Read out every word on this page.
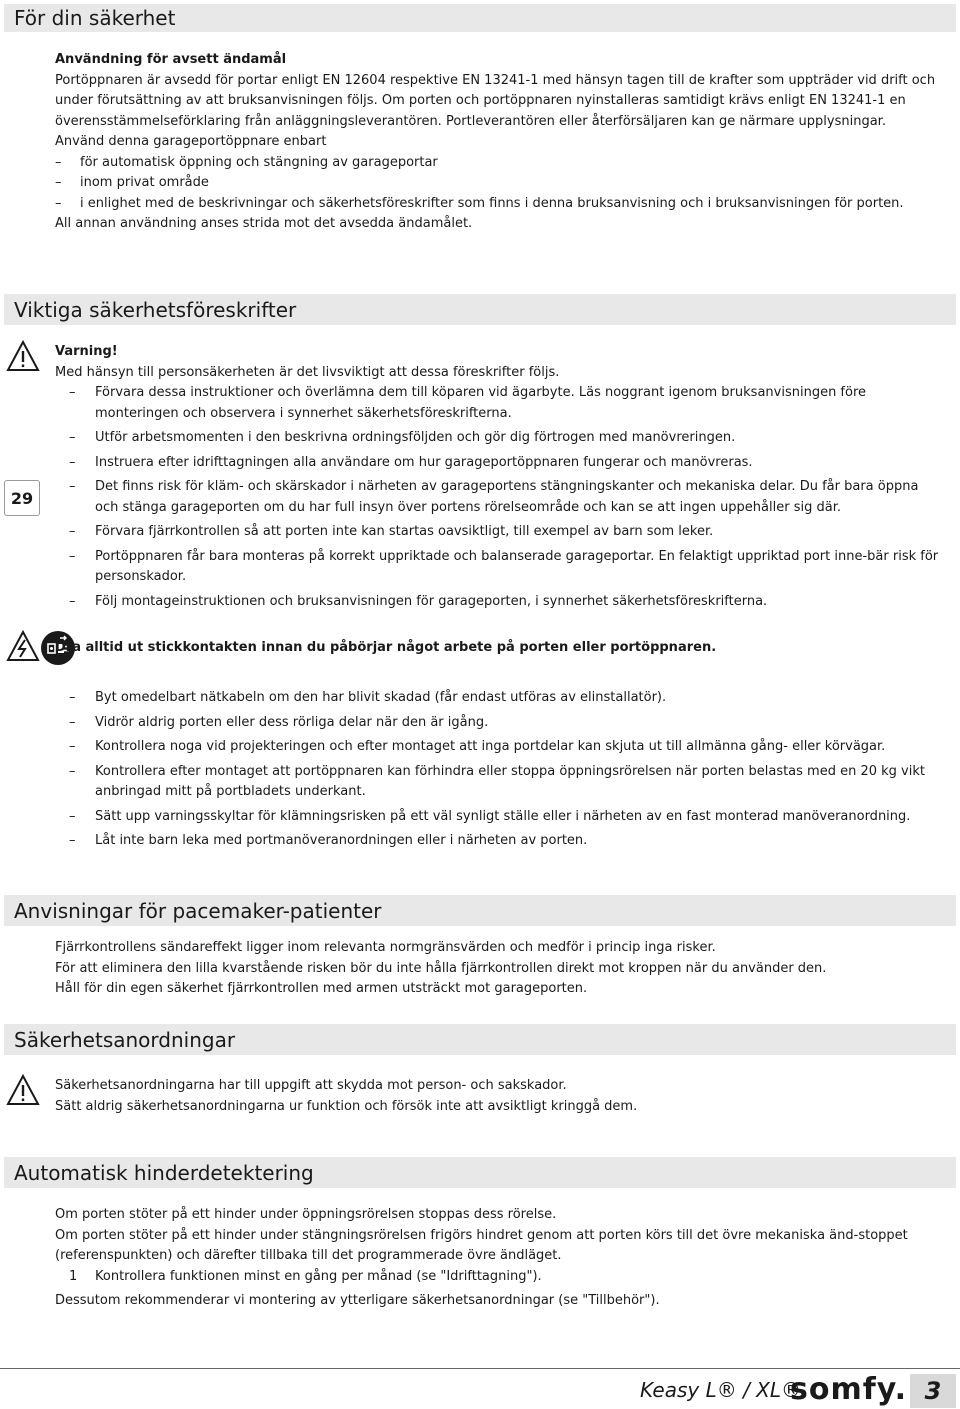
För din säkerhet
Användning för avsett ändamål
Portöppnaren är avsedd för portar enligt EN 12604 respektive EN 13241-1 med hänsyn tagen till de krafter som uppträder vid drift och under förutsättning av att bruksanvisningen följs. Om porten och portöppnaren nyinstalleras samtidigt krävs enligt EN 13241-1 en överensstämmelseförklaring från anläggningsleverantören. Portleverantören eller återförsäljaren kan ge närmare upplysningar.
Använd denna garageportöppnare enbart
– för automatisk öppning och stängning av garageportar
– inom privat område
– i enlighet med de beskrivningar och säkerhetsföreskrifter som finns i denna bruksanvisning och i bruksanvisningen för porten.
All annan användning anses strida mot det avsedda ändamålet.
Viktiga säkerhetsföreskrifter
29
Varning!
Med hänsyn till personsäkerheten är det livsviktigt att dessa föreskrifter följs.
– Förvara dessa instruktioner och överlämna dem till köparen vid ägarbyte. Läs noggrant igenom bruksanvisningen före monteringen och observera i synnerhet säkerhetsföreskrifterna.
– Utför arbetsmomenten i den beskrivna ordningsföljden och gör dig förtrogen med manövreringen.
– Instruera efter idrifttagningen alla användare om hur garageportöppnaren fungerar och manövreras.
– Det finns risk för kläm- och skärskador i närheten av garageportens stängningskanter och mekaniska delar. Du får bara öppna och stänga garageporten om du har full insyn över portens rörelseområde och kan se att ingen uppehåller sig där.
– Förvara fjärrkontrollen så att porten inte kan startas oavsiktligt, till exempel av barn som leker.
– Portöppnaren får bara monteras på korrekt uppriktade och balanserade garageportar. En felaktigt uppriktad port inne-bär risk för personskador.
– Följ montageinstruktionen och bruksanvisningen för garageporten, i synnerhet säkerhetsföreskrifterna.
Dra alltid ut stickkontakten innan du påbörjar något arbete på porten eller portöppnaren.
– Byt omedelbart nätkabeln om den har blivit skadad (får endast utföras av elinstallatör).
– Vidrör aldrig porten eller dess rörliga delar när den är igång.
– Kontrollera noga vid projekteringen och efter montaget att inga portdelar kan skjuta ut till allmänna gång- eller körvägar.
– Kontrollera efter montaget att portöppnaren kan förhindra eller stoppa öppningsrörelsen när porten belastas med en 20 kg vikt anbringad mitt på portbladets underkant.
– Sätt upp varningsskyltar för klämningsrisken på ett väl synligt ställe eller i närheten av en fast monterad manöveranordning.
– Låt inte barn leka med portmanöveranordningen eller i närheten av porten.
Anvisningar för pacemaker-patienter
Fjärrkontrollens sändareffekt ligger inom relevanta normgränsvärden och medför i princip inga risker.
För att eliminera den lilla kvarstående risken bör du inte hålla fjärrkontrollen direkt mot kroppen när du använder den.
Håll för din egen säkerhet fjärrkontrollen med armen utsträckt mot garageporten.
Säkerhetsanordningar
Säkerhetsanordningarna har till uppgift att skydda mot person- och sakskador.
Sätt aldrig säkerhetsanordningarna ur funktion och försök inte att avsiktligt kringgå dem.
Automatisk hinderdetektering
Om porten stöter på ett hinder under öppningsrörelsen stoppas dess rörelse.
Om porten stöter på ett hinder under stängningsrörelsen frigörs hindret genom att porten körs till det övre mekaniska änd-stoppet (referenspunkten) och därefter tillbaka till det programmerade övre ändläget.
1 Kontrollera funktionen minst en gång per månad (se "Idrifttagning").
Dessutom rekommenderar vi montering av ytterligare säkerhetsanordningar (se "Tillbehör").
Keasy L® / XL®
somfy. 3
